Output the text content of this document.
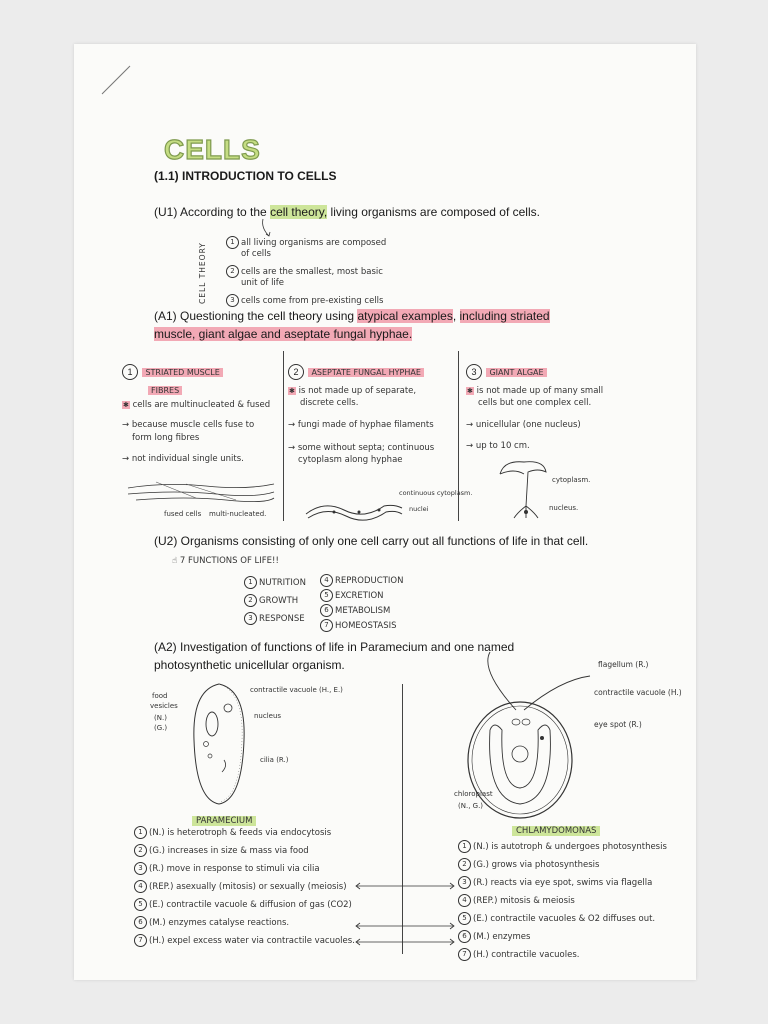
CELLS
(1.1) INTRODUCTION TO CELLS
(U1) According to the cell theory, living organisms are composed of cells.
CELL THEORY
1 all living organisms are composed
of cells
2 cells are the smallest, most basic
unit of life
3 cells come from pre-existing cells
(A1) Questioning the cell theory using atypical examples, including striated
muscle, giant algae and aseptate fungal hyphae.
1 STRIATED MUSCLE
FIBRES
✱ cells are multinucleated & fused
→ because muscle cells fuse to
form long fibres
→ not individual single units.
fused cells multi-nucleated.
2 ASEPTATE FUNGAL HYPHAE
✱ is not made up of separate,
discrete cells.
→ fungi made of hyphae filaments
→ some without septa; continuous
cytoplasm along hyphae
continuous cytoplasm.
nuclei
3 GIANT ALGAE
✱ is not made up of many small
cells but one complex cell.
→ unicellular (one nucleus)
→ up to 10 cm.
cytoplasm.
nucleus.
(U2) Organisms consisting of only one cell carry out all functions of life in that cell.
☝ 7 FUNCTIONS OF LIFE!!
1 NUTRITION
2 GROWTH
3 RESPONSE
4 REPRODUCTION
5 EXCRETION
6 METABOLISM
7 HOMEOSTASIS
(A2) Investigation of functions of life in Paramecium and one named
photosynthetic unicellular organism.
food
vesicles
(N.)
(G.)
contractile vacuole (H., E.)
nucleus
cilia (R.)
PARAMECIUM
1 (N.) is heterotroph & feeds via endocytosis
2 (G.) increases in size & mass via food
3 (R.) move in response to stimuli via cilia
4 (REP.) asexually (mitosis) or sexually (meiosis)
5 (E.) contractile vacuole & diffusion of gas (CO2)
6 (M.) enzymes catalyse reactions.
7 (H.) expel excess water via contractile vacuoles.
flagellum (R.)
contractile vacuole (H.)
eye spot (R.)
chloroplast
(N., G.)
CHLAMYDOMONAS
1 (N.) is autotroph & undergoes photosynthesis
2 (G.) grows via photosynthesis
3 (R.) reacts via eye spot, swims via flagella
4 (REP.) mitosis & meiosis
5 (E.) contractile vacuoles & O2 diffuses out.
6 (M.) enzymes
7 (H.) contractile vacuoles.
